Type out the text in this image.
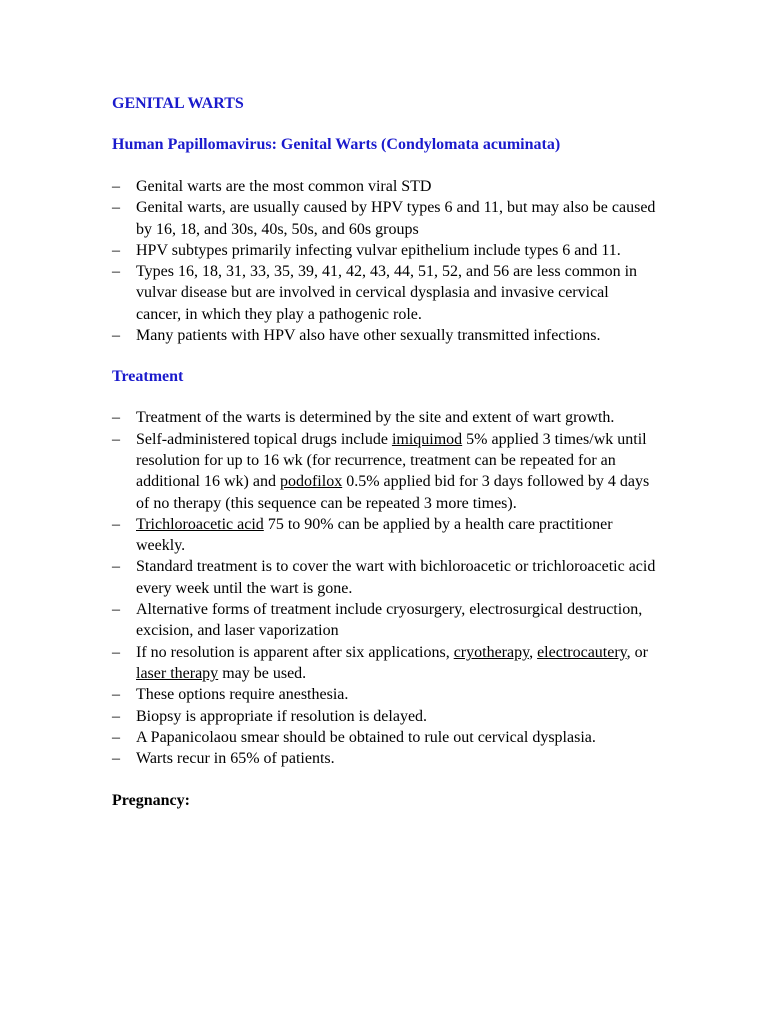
GENITAL WARTS

Human Papillomavirus: Genital Warts (Condylomata acuminata)

– Genital warts are the most common viral STD
– Genital warts, are usually caused by HPV types 6 and 11, but may also be caused by 16, 18, and 30s, 40s, 50s, and 60s groups
– HPV subtypes primarily infecting vulvar epithelium include types 6 and 11.
– Types 16, 18, 31, 33, 35, 39, 41, 42, 43, 44, 51, 52, and 56 are less common in vulvar disease but are involved in cervical dysplasia and invasive cervical cancer, in which they play a pathogenic role.
– Many patients with HPV also have other sexually transmitted infections.

Treatment

– Treatment of the warts is determined by the site and extent of wart growth.
– Self-administered topical drugs include imiquimod 5% applied 3 times/wk until resolution for up to 16 wk (for recurrence, treatment can be repeated for an additional 16 wk) and podofilox 0.5% applied bid for 3 days followed by 4 days of no therapy (this sequence can be repeated 3 more times).
– Trichloroacetic acid 75 to 90% can be applied by a health care practitioner weekly.
– Standard treatment is to cover the wart with bichloroacetic or trichloroacetic acid every week until the wart is gone.
– Alternative forms of treatment include cryosurgery, electrosurgical destruction, excision, and laser vaporization
– If no resolution is apparent after six applications, cryotherapy, electrocautery, or laser therapy may be used.
– These options require anesthesia.
– Biopsy is appropriate if resolution is delayed.
– A Papanicolaou smear should be obtained to rule out cervical dysplasia.
– Warts recur in 65% of patients.

Pregnancy:
